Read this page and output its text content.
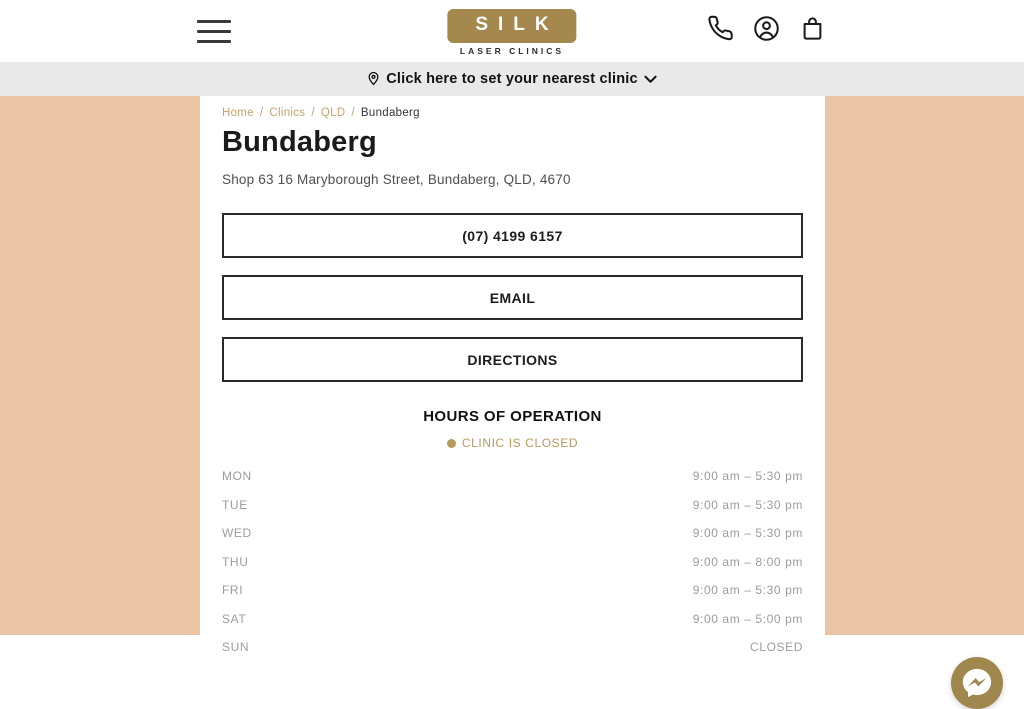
SILK
LASER CLINICS
Click here to set your nearest clinic
Home / Clinics / QLD / Bundaberg
Bundaberg
Shop 63 16 Maryborough Street, Bundaberg, QLD, 4670
(07) 4199 6157
EMAIL
DIRECTIONS
HOURS OF OPERATION
CLINIC IS CLOSED
MON	9:00 am – 5:30 pm
TUE	9:00 am – 5:30 pm
WED	9:00 am – 5:30 pm
THU	9:00 am – 8:00 pm
FRI	9:00 am – 5:30 pm
SAT	9:00 am – 5:00 pm
SUN	CLOSED
